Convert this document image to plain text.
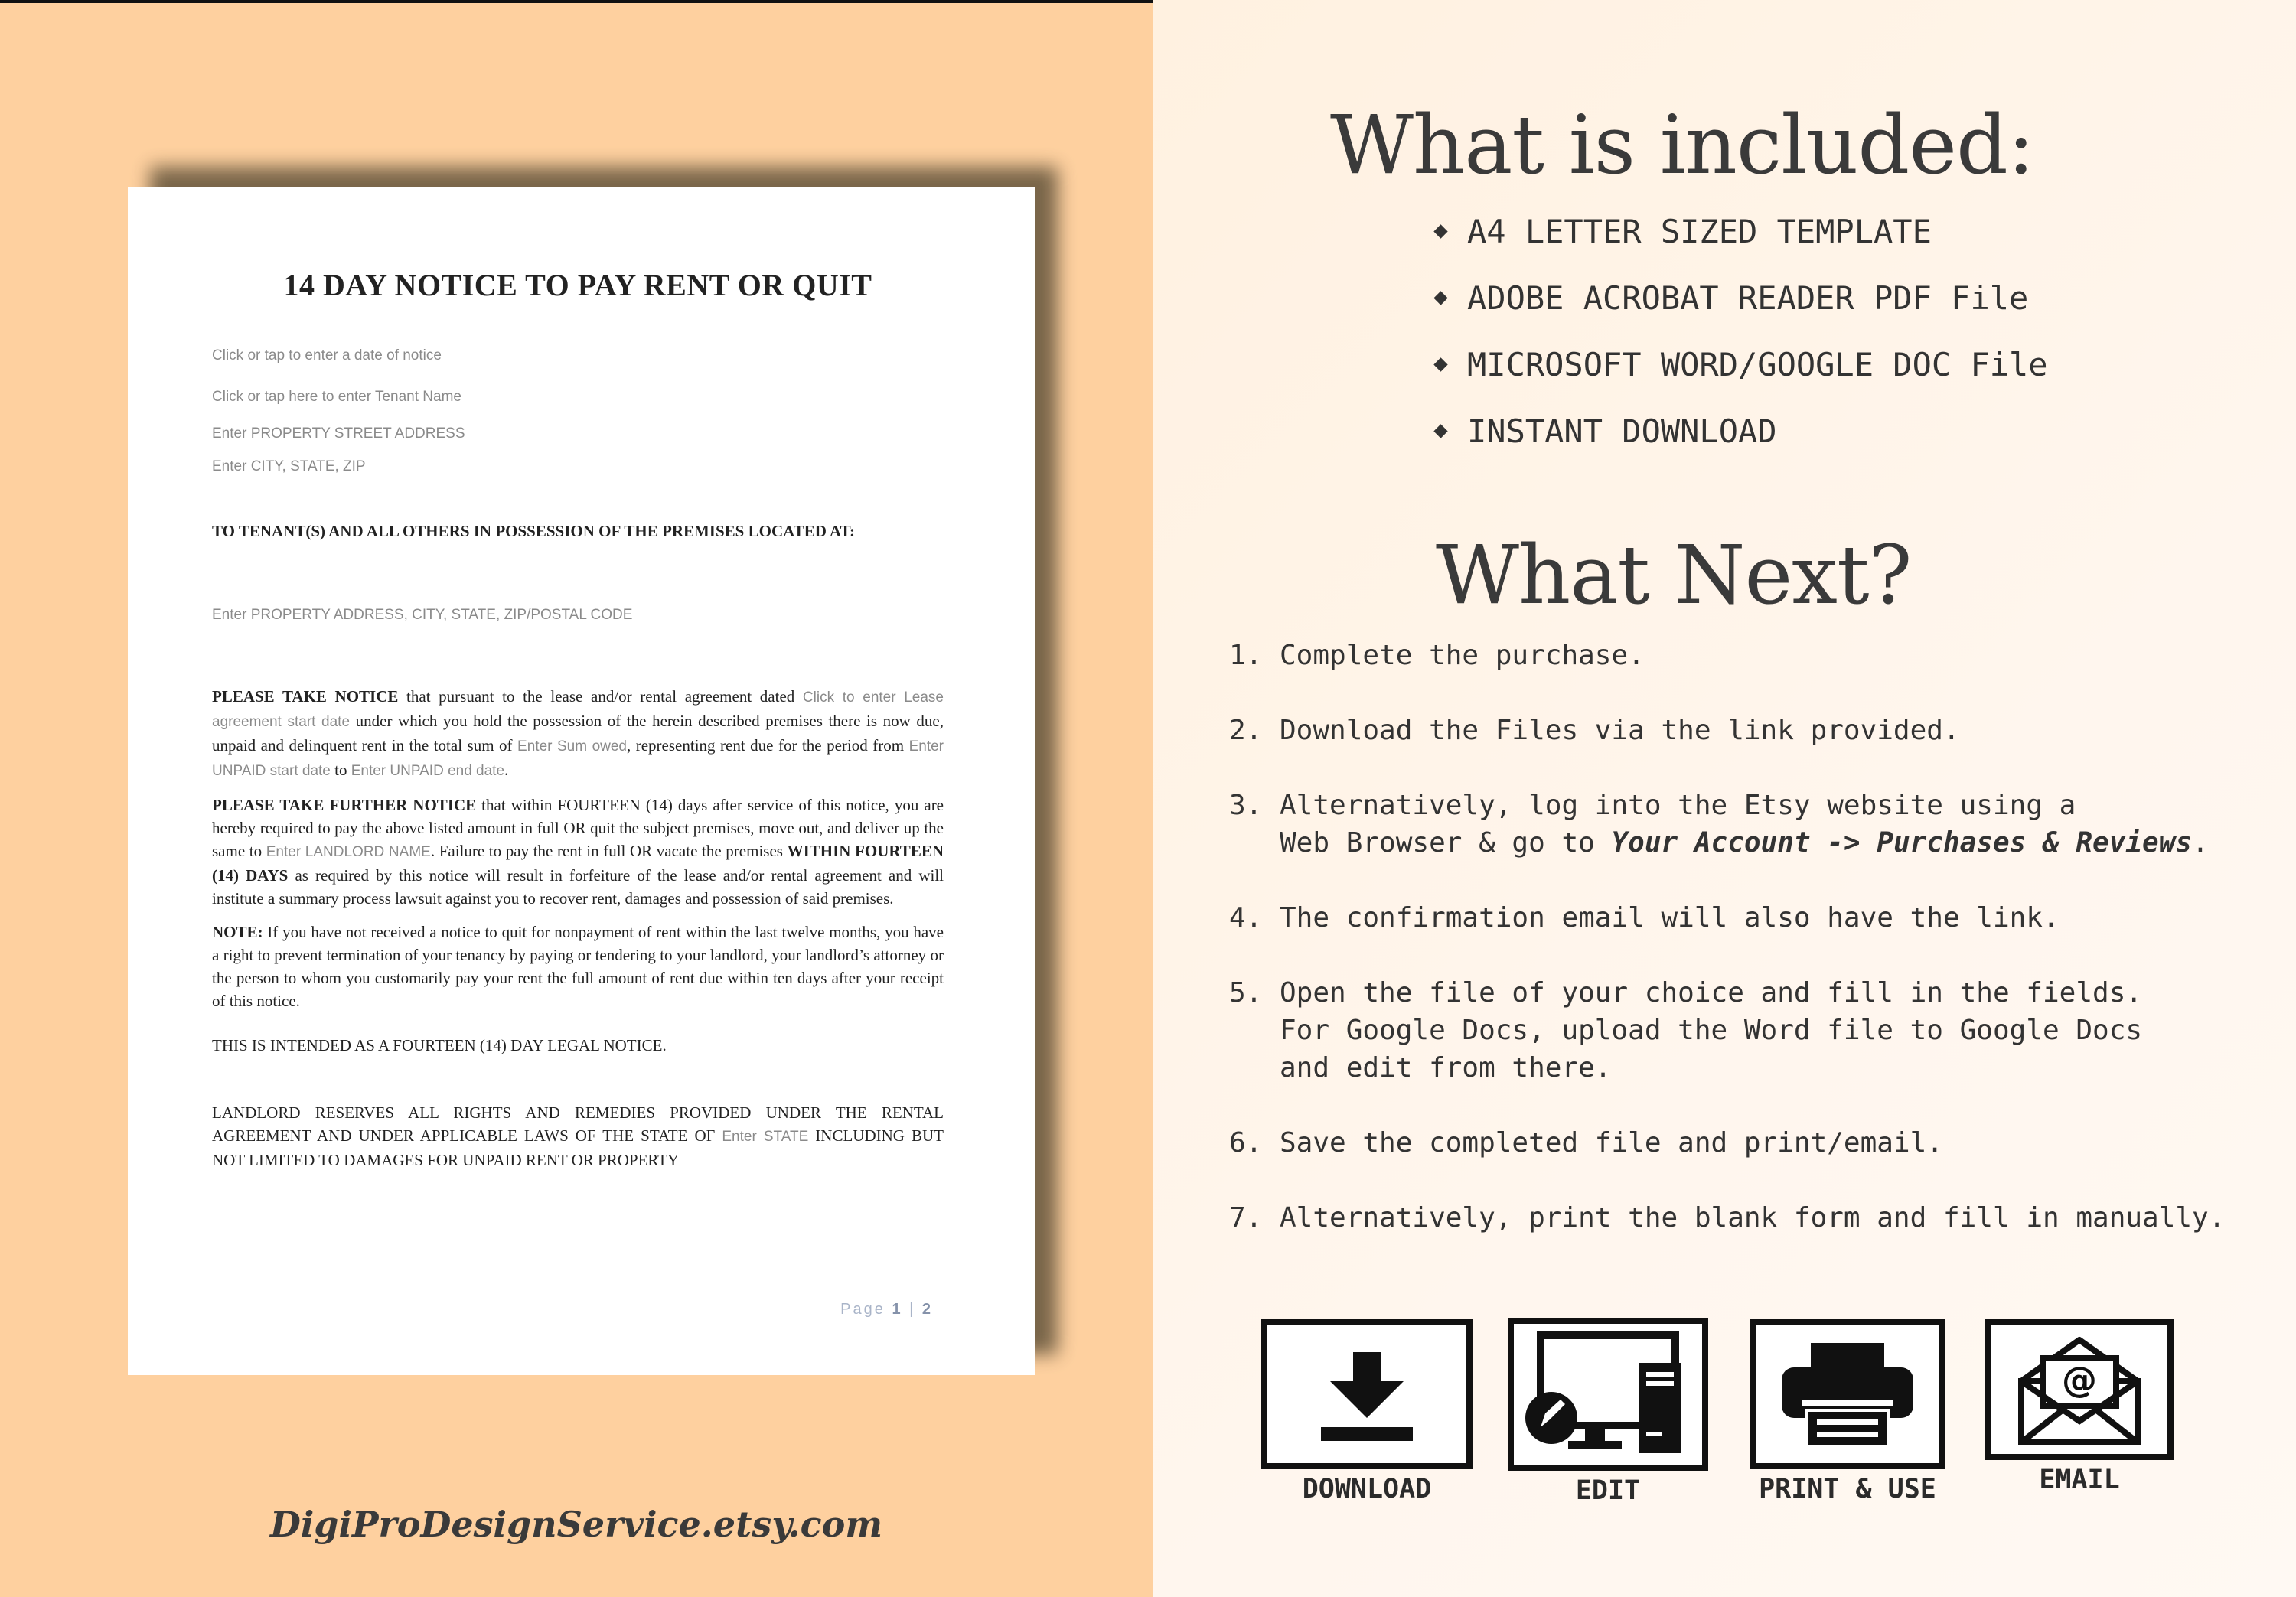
14 DAY NOTICE TO PAY RENT OR QUIT
Click or tap to enter a date of notice
Click or tap here to enter Tenant Name
Enter PROPERTY STREET ADDRESS
Enter CITY, STATE, ZIP

TO TENANT(S) AND ALL OTHERS IN POSSESSION OF THE PREMISES LOCATED AT:

Enter PROPERTY ADDRESS, CITY, STATE, ZIP/POSTAL CODE

PLEASE TAKE NOTICE that pursuant to the lease and/or rental agreement dated Click to enter Lease agreement start date under which you hold the possession of the herein described premises there is now due, unpaid and delinquent rent in the total sum of Enter Sum owed, representing rent due for the period from Enter UNPAID start date to Enter UNPAID end date.

PLEASE TAKE FURTHER NOTICE that within FOURTEEN (14) days after service of this notice, you are hereby required to pay the above listed amount in full OR quit the subject premises, move out, and deliver up the same to Enter LANDLORD NAME. Failure to pay the rent in full OR vacate the premises WITHIN FOURTEEN (14) DAYS as required by this notice will result in forfeiture of the lease and/or rental agreement and will institute a summary process lawsuit against you to recover rent, damages and possession of said premises.

NOTE: If you have not received a notice to quit for nonpayment of rent within the last twelve months, you have a right to prevent termination of your tenancy by paying or tendering to your landlord, your landlord’s attorney or the person to whom you customarily pay your rent the full amount of rent due within ten days after your receipt of this notice.

THIS IS INTENDED AS A FOURTEEN (14) DAY LEGAL NOTICE.

LANDLORD RESERVES ALL RIGHTS AND REMEDIES PROVIDED UNDER THE RENTAL AGREEMENT AND UNDER APPLICABLE LAWS OF THE STATE OF Enter STATE INCLUDING BUT NOT LIMITED TO DAMAGES FOR UNPAID RENT OR PROPERTY

Page 1 | 2
DigiProDesignService.etsy.com
What is included:
A4 LETTER SIZED TEMPLATE
ADOBE ACROBAT READER PDF File
MICROSOFT WORD/GOOGLE DOC File
INSTANT DOWNLOAD
What Next?
1. Complete the purchase.
2. Download the Files via the link provided.
3. Alternatively, log into the Etsy website using a
Web Browser & go to Your Account -> Purchases & Reviews.
4. The confirmation email will also have the link.
5. Open the file of your choice and fill in the fields.
For Google Docs, upload the Word file to Google Docs
and edit from there.
6. Save the completed file and print/email.
7. Alternatively, print the blank form and fill in manually.
DOWNLOAD	EDIT	PRINT & USE
@
EMAIL
